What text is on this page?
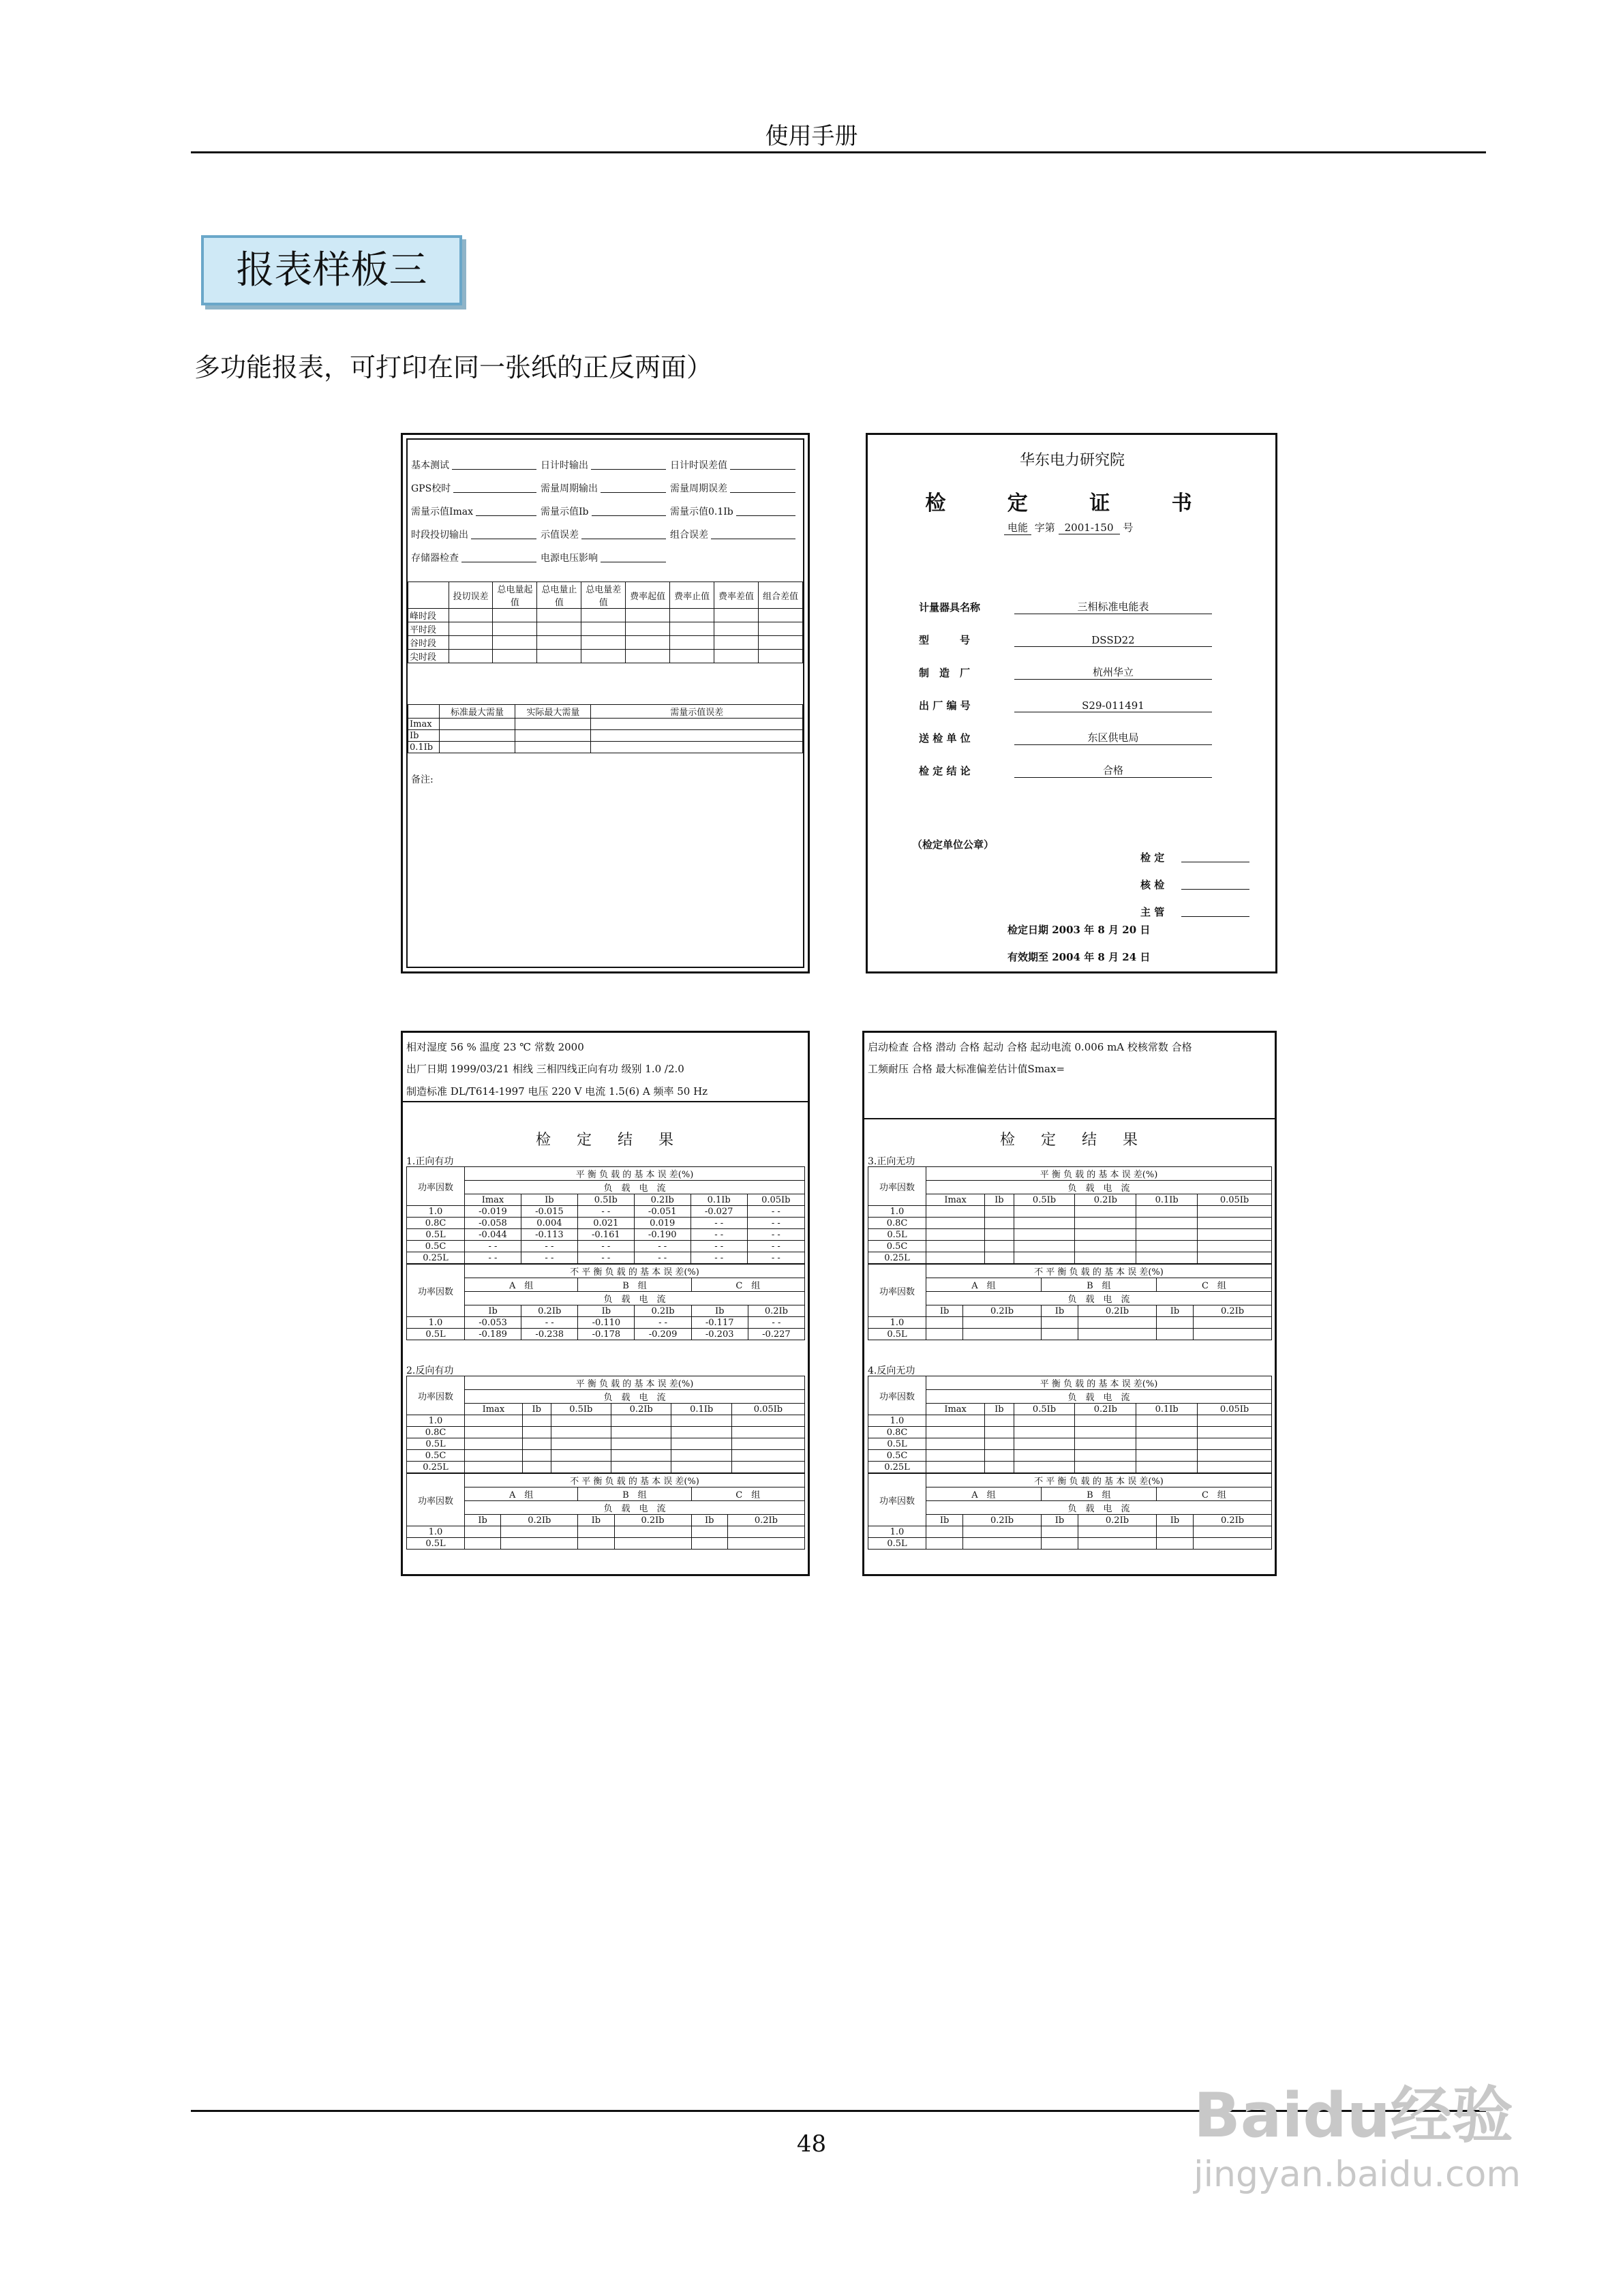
使用手册
报表样板三
多功能报表，可打印在同一张纸的正反两面）
基本测试	日计时输出	日计时误差值
GPS校时	需量周期输出	需量周期误差
需量示值Imax	需量示值Ib	需量示值0.1Ib
时段投切输出	示值误差	组合误差
存储器检查	电源电压影响
	投切误差	总电量起值	总电量止值	总电量差值	费率起值	费率止值	费率差值	组合差值
峰时段								
平时段								
谷时段								
尖时段								
	标准最大需量	实际最大需量	需量示值误差
Imax			
Ib			
0.1Ib			
备注:
华东电力研究院
检 定 证 书
电能 字第 2001-150 号
计量器具名称	三相标准电能表
型　　　号	DSSD22
制　造　厂	杭州华立
出 厂 编 号	S29-011491
送 检 单 位	东区供电局
检 定 结 论	合格
（检定单位公章）
检 定
核 检
主 管
检定日期 2003 年 8 月 20 日
有效期至 2004 年 8 月 24 日
相对湿度 56 % 温度 23 ℃ 常数 2000
出厂日期 1999/03/21 相线 三相四线正向有功 级别 1.0 /2.0
制造标准 DL/T614-1997 电压 220 V 电流 1.5(6) A 频率 50 Hz
检　定　结　果
1.正向有功
功率因数	平 衡 负 载 的 基 本 误 差(%)					
	负　载　电　流					
	Imax	Ib	0.5Ib	0.2Ib	0.1Ib	0.05Ib
1.0	-0.019	-0.015	- -	-0.051	-0.027	- -
0.8C	-0.058	0.004	0.021	0.019	- -	- -
0.5L	-0.044	-0.113	-0.161	-0.190	- -	- -
0.5C	- -	- -	- -	- -	- -	- -
0.25L	- -	- -	- -	- -	- -	- -
功率因数	不 平 衡 负 载 的 基 本 误 差(%)					
	A　组		B　组		C　组	
	负　载　电　流					
	Ib	0.2Ib	Ib	0.2Ib	Ib	0.2Ib
1.0	-0.053	- -	-0.110	- -	-0.117	- -
0.5L	-0.189	-0.238	-0.178	-0.209	-0.203	-0.227
2.反向有功
功率因数	平 衡 负 载 的 基 本 误 差(%)					
	负　载　电　流					
	Imax	Ib	0.5Ib	0.2Ib	0.1Ib	0.05Ib
1.0						
0.8C						
0.5L						
0.5C						
0.25L						
功率因数	不 平 衡 负 载 的 基 本 误 差(%)					
	A　组		B　组		C　组	
	负　载　电　流					
	Ib	0.2Ib	Ib	0.2Ib	Ib	0.2Ib
1.0						
0.5L						
启动检查 合格 潜动 合格 起动 合格 起动电流 0.006 mA 校核常数 合格
工频耐压 合格 最大标准偏差估计值Smax=
检　定　结　果
3.正向无功
功率因数	平 衡 负 载 的 基 本 误 差(%)					
	负　载　电　流					
	Imax	Ib	0.5Ib	0.2Ib	0.1Ib	0.05Ib
1.0						
0.8C						
0.5L						
0.5C						
0.25L						
功率因数	不 平 衡 负 载 的 基 本 误 差(%)					
	A　组		B　组		C　组	
	负　载　电　流					
	Ib	0.2Ib	Ib	0.2Ib	Ib	0.2Ib
1.0						
0.5L						
4.反向无功
功率因数	平 衡 负 载 的 基 本 误 差(%)					
	负　载　电　流					
	Imax	Ib	0.5Ib	0.2Ib	0.1Ib	0.05Ib
1.0						
0.8C						
0.5L						
0.5C						
0.25L						
功率因数	不 平 衡 负 载 的 基 本 误 差(%)					
	A　组		B　组		C　组	
	负　载　电　流					
	Ib	0.2Ib	Ib	0.2Ib	Ib	0.2Ib
1.0						
0.5L						
48	Baidu经验
jingyan.baidu.com
